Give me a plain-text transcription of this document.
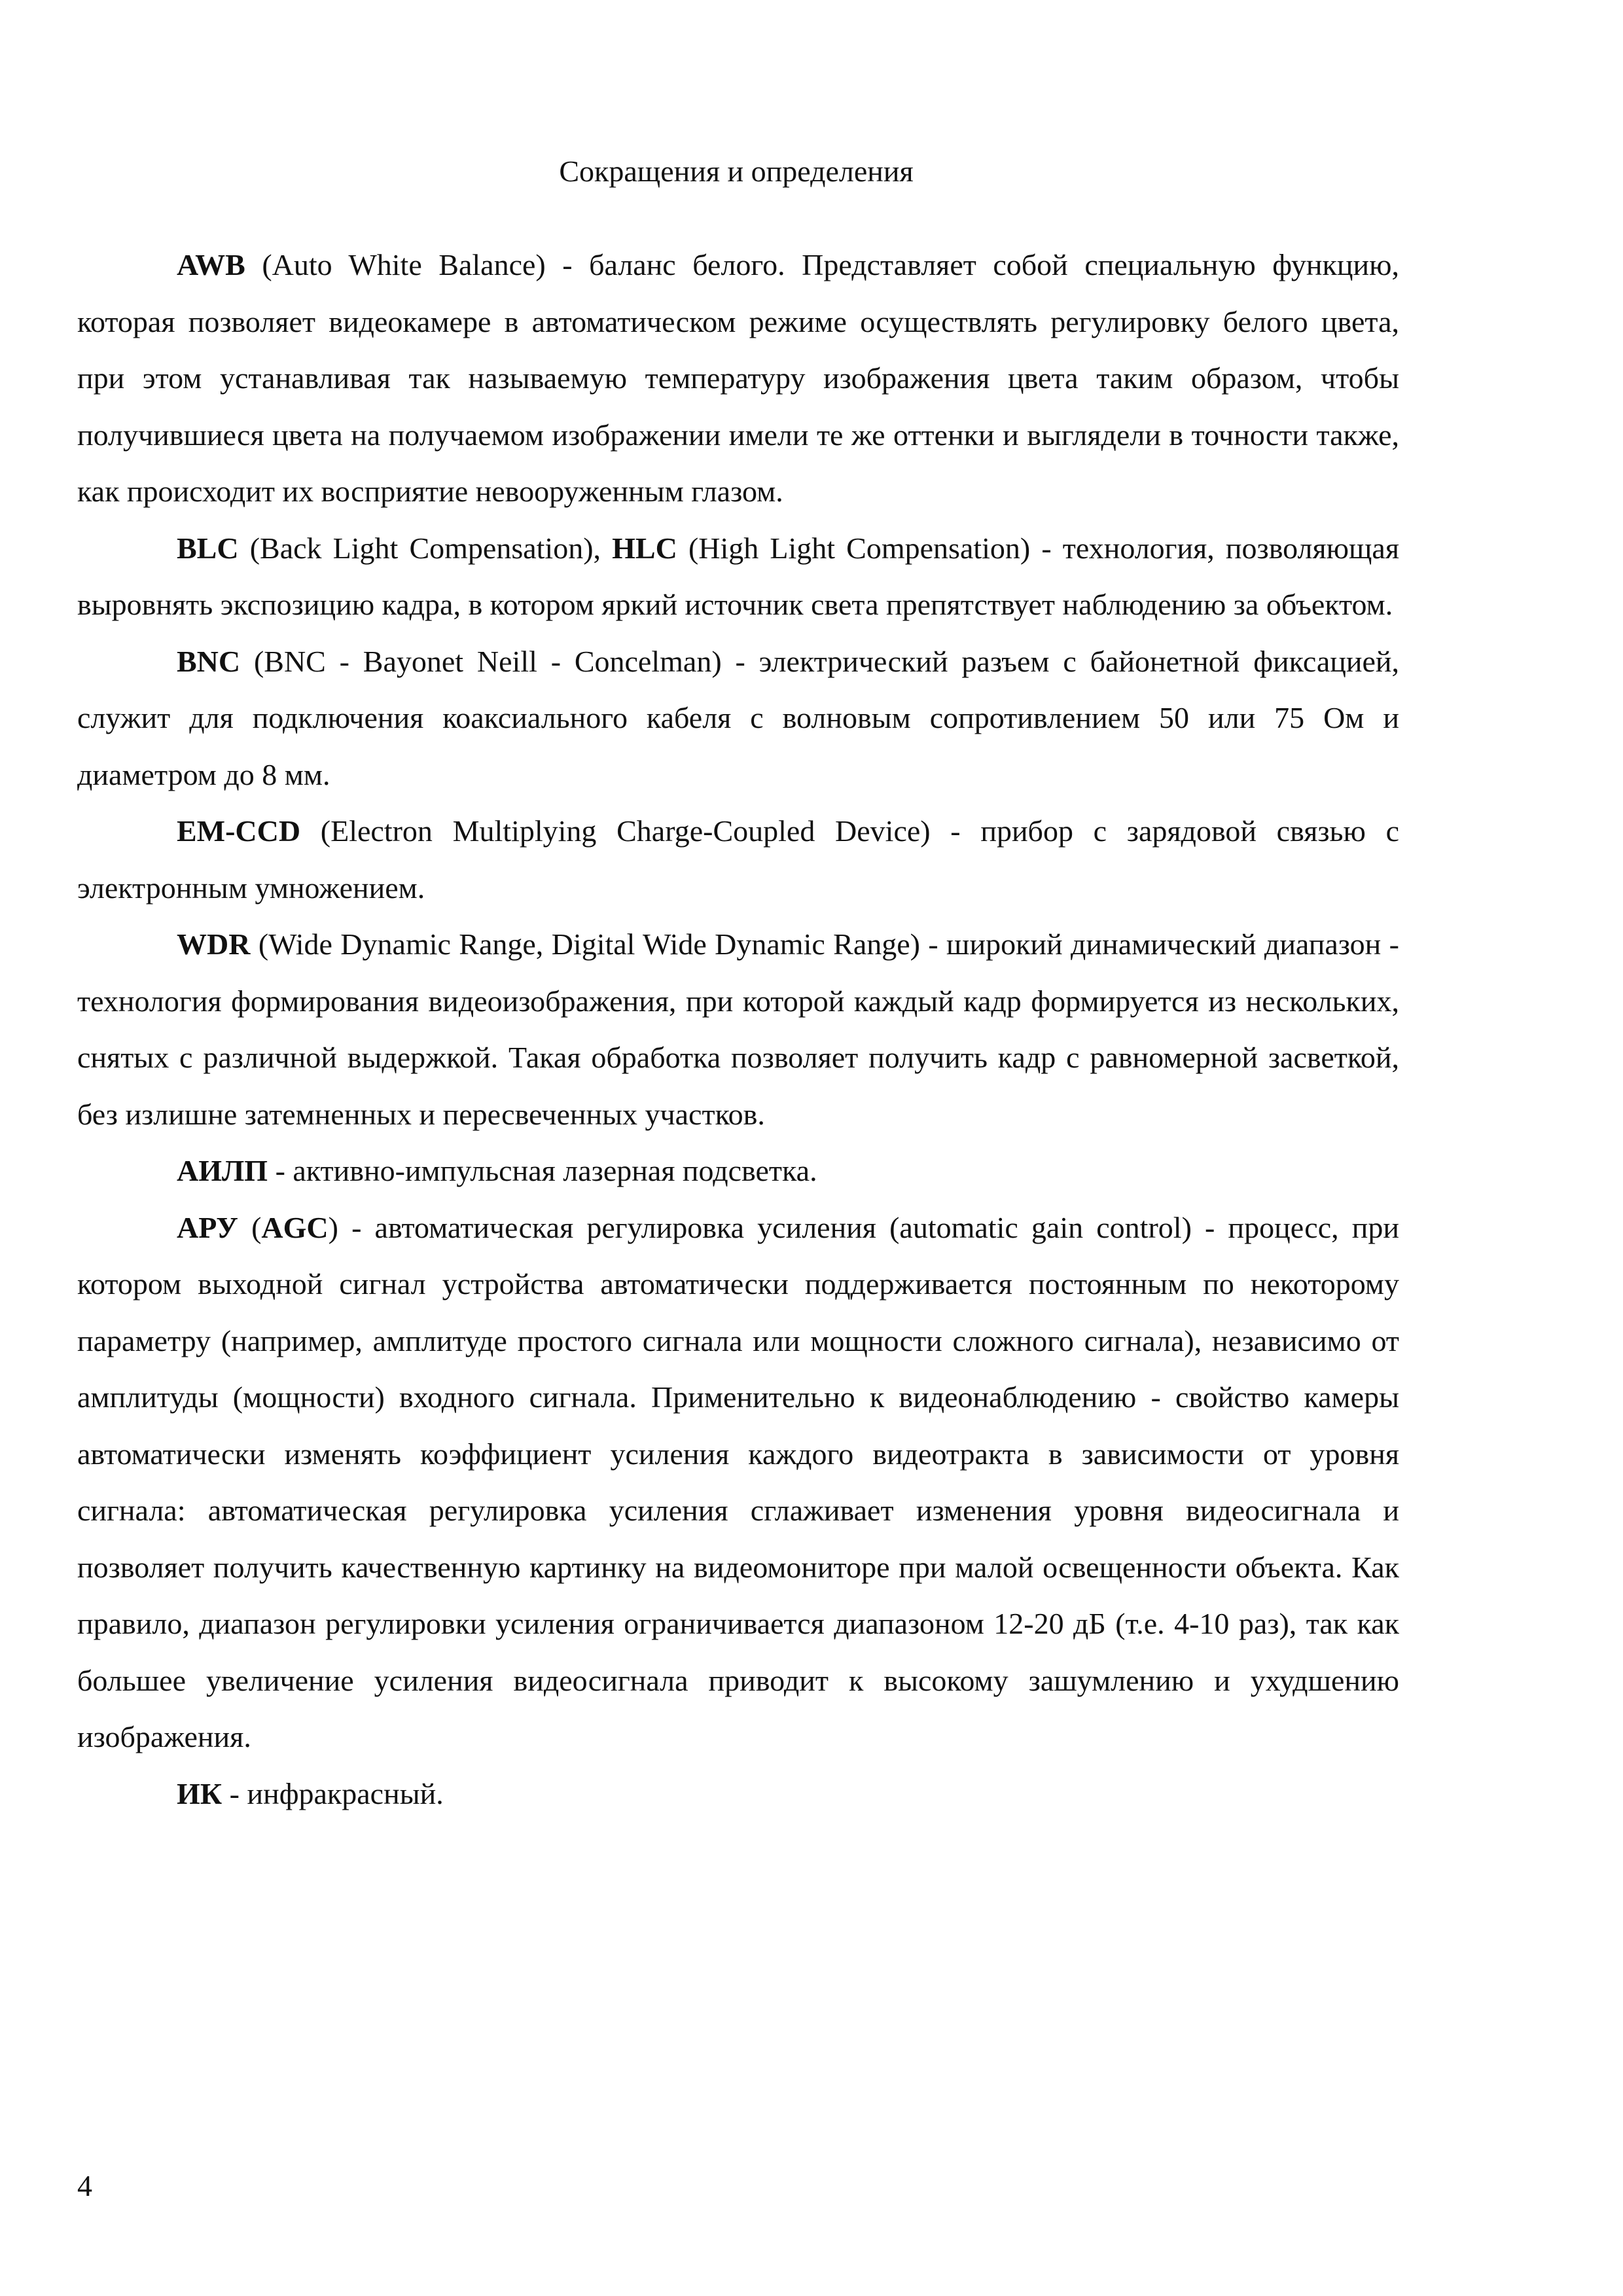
Сокращения и определения

AWB (Auto White Balance) - баланс белого. Представляет собой специальную функцию, которая позволяет видеокамере в автоматическом режиме осуществлять регулировку белого цвета, при этом устанавливая так называемую температуру изображения цвета таким образом, чтобы получившиеся цвета на получаемом изображении имели те же оттенки и выглядели в точности также, как происходит их восприятие невооруженным глазом.

BLC (Back Light Compensation), HLC (High Light Compensation) - технология, позволяющая выровнять экспозицию кадра, в котором яркий источник света препятствует наблюдению за объектом.

BNC (BNC - Bayonet Neill - Concelman) - электрический разъем с байонетной фиксацией, служит для подключения коаксиального кабеля с волновым сопротивлением 50 или 75 Ом и диаметром до 8 мм.

EM-CCD (Electron Multiplying Charge-Coupled Device) - прибор с зарядовой связью с электронным умножением.

WDR (Wide Dynamic Range, Digital Wide Dynamic Range) - широкий динамический диапазон - технология формирования видеоизображения, при которой каждый кадр формируется из нескольких, снятых с различной выдержкой. Такая обработка позволяет получить кадр с равномерной засветкой, без излишне затемненных и пересвеченных участков.

АИЛП - активно-импульсная лазерная подсветка.

АРУ (AGC) - автоматическая регулировка усиления (automatic gain control) - процесс, при котором выходной сигнал устройства автоматически поддерживается постоянным по некоторому параметру (например, амплитуде простого сигнала или мощности сложного сигнала), независимо от амплитуды (мощности) входного сигнала. Применительно к видеонаблюдению - свойство камеры автоматически изменять коэффициент усиления каждого видеотракта в зависимости от уровня сигнала: автоматическая регулировка усиления сглаживает изменения уровня видеосигнала и позволяет получить качественную картинку на видеомониторе при малой освещенности объекта. Как правило, диапазон регулировки усиления ограничивается диапазоном 12-20 дБ (т.е. 4-10 раз), так как большее увеличение усиления видеосигнала приводит к высокому зашумлению и ухудшению изображения.

ИК - инфракрасный.

4
